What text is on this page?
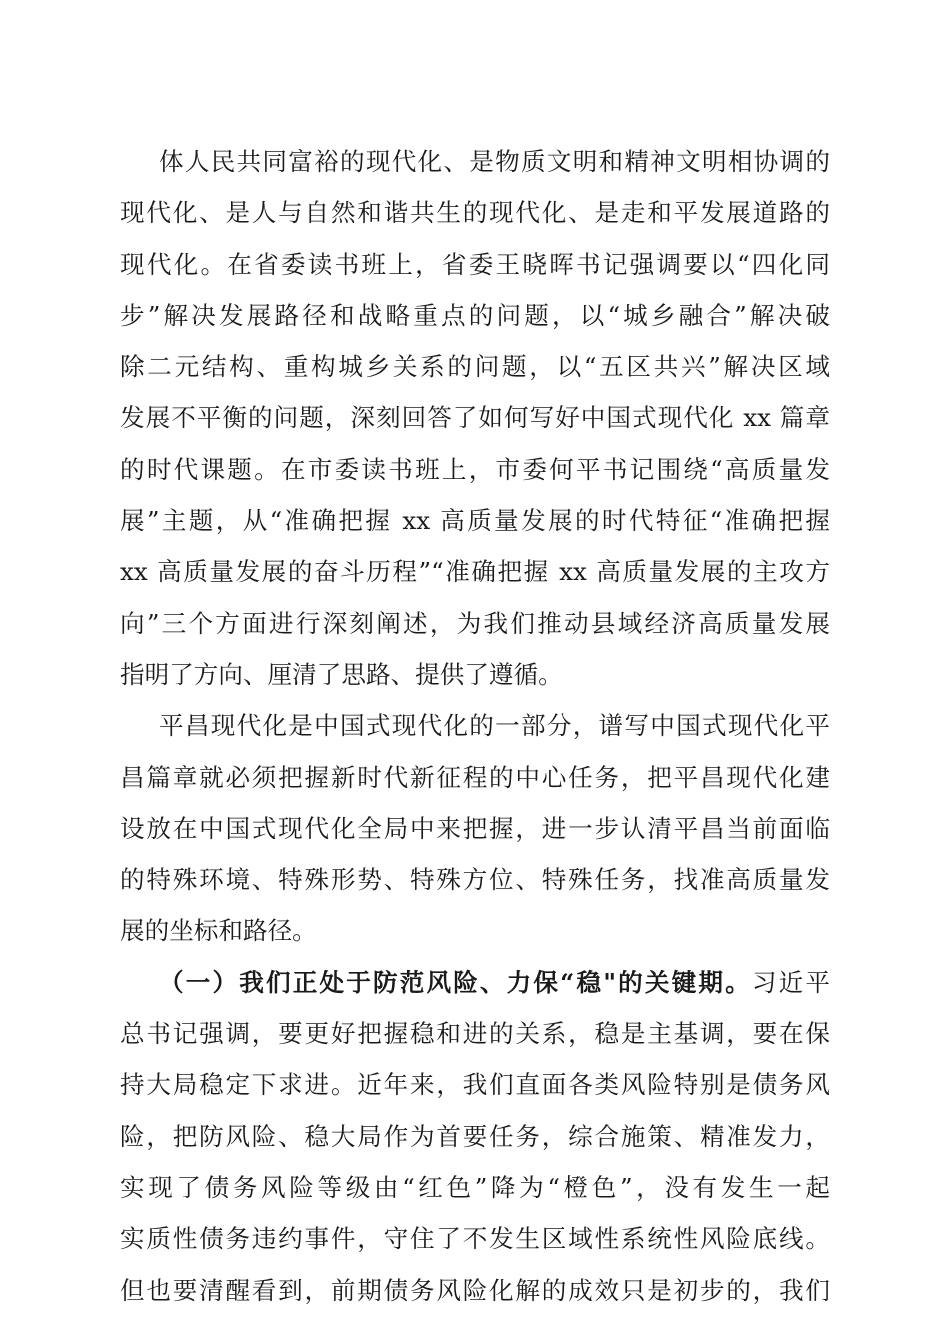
体人民共同富裕的现代化、是物质文明和精神文明相协调的
现代化、是人与自然和谐共生的现代化、是走和平发展道路的
现代化。在省委读书班上，省委王晓晖书记强调要以“四化同
步”解决发展路径和战略重点的问题，以“城乡融合”解决破
除二元结构、重构城乡关系的问题，以“五区共兴”解决区域
发展不平衡的问题，深刻回答了如何写好中国式现代化 xx 篇章
的时代课题。在市委读书班上，市委何平书记围绕“高质量发
展”主题，从“准确把握 xx 高质量发展的时代特征“准确把握
xx 高质量发展的奋斗历程”“准确把握 xx 高质量发展的主攻方
向”三个方面进行深刻阐述，为我们推动县域经济高质量发展
指明了方向、厘清了思路、提供了遵循。
平昌现代化是中国式现代化的一部分，谱写中国式现代化平
昌篇章就必须把握新时代新征程的中心任务，把平昌现代化建
设放在中国式现代化全局中来把握，进一步认清平昌当前面临
的特殊环境、特殊形势、特殊方位、特殊任务，找准高质量发
展的坐标和路径。
（一）我们正处于防范风险、力保“稳"的关键期。习近平
总书记强调，要更好把握稳和进的关系，稳是主基调，要在保
持大局稳定下求进。近年来，我们直面各类风险特别是债务风
险，把防风险、稳大局作为首要任务，综合施策、精准发力，
实现了债务风险等级由“红色”降为“橙色”，没有发生一起
实质性债务违约事件，守住了不发生区域性系统性风险底线。
但也要清醒看到，前期债务风险化解的成效只是初步的，我们
